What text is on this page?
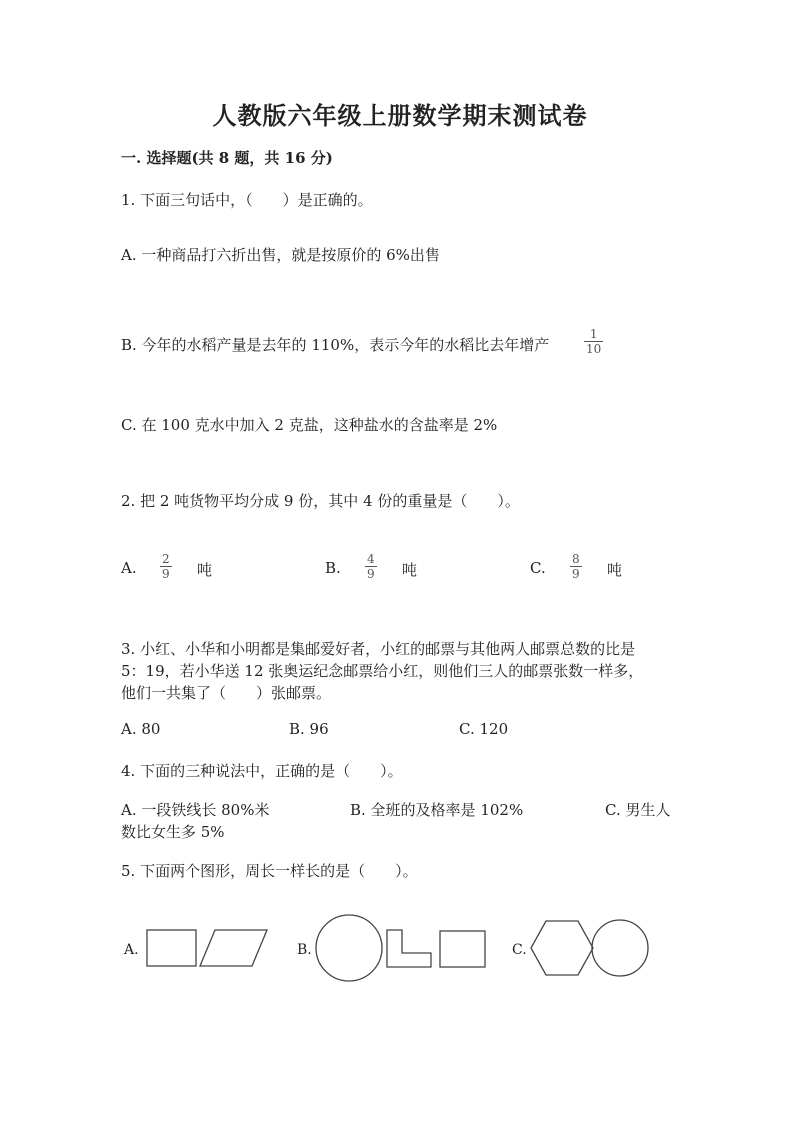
人教版六年级上册数学期末测试卷
一. 选择题(共 8 题，共 16 分)
1. 下面三句话中，（　　）是正确的。
A. 一种商品打六折出售，就是按原价的 6%出售
B. 今年的水稻产量是去年的 110%，表示今年的水稻比去年增产	$\frac{1}{10}$
C. 在 100 克水中加入 2 克盐，这种盐水的含盐率是 2%
2. 把 2 吨货物平均分成 9 份，其中 4 份的重量是（　　）。
A. $\frac{2}{9}$ 吨	B. $\frac{4}{9}$ 吨	C. $\frac{8}{9}$ 吨
3. 小红、小华和小明都是集邮爱好者，小红的邮票与其他两人邮票总数的比是
5：19，若小华送 12 张奥运纪念邮票给小红，则他们三人的邮票张数一样多，
他们一共集了（　　）张邮票。
A. 80	B. 96	C. 120
4. 下面的三种说法中，正确的是（　　）。
A. 一段铁线长 80%米	B. 全班的及格率是 102%	C. 男生人
数比女生多 5%
5. 下面两个图形，周长一样长的是（　　）。
A.	B.	C.
